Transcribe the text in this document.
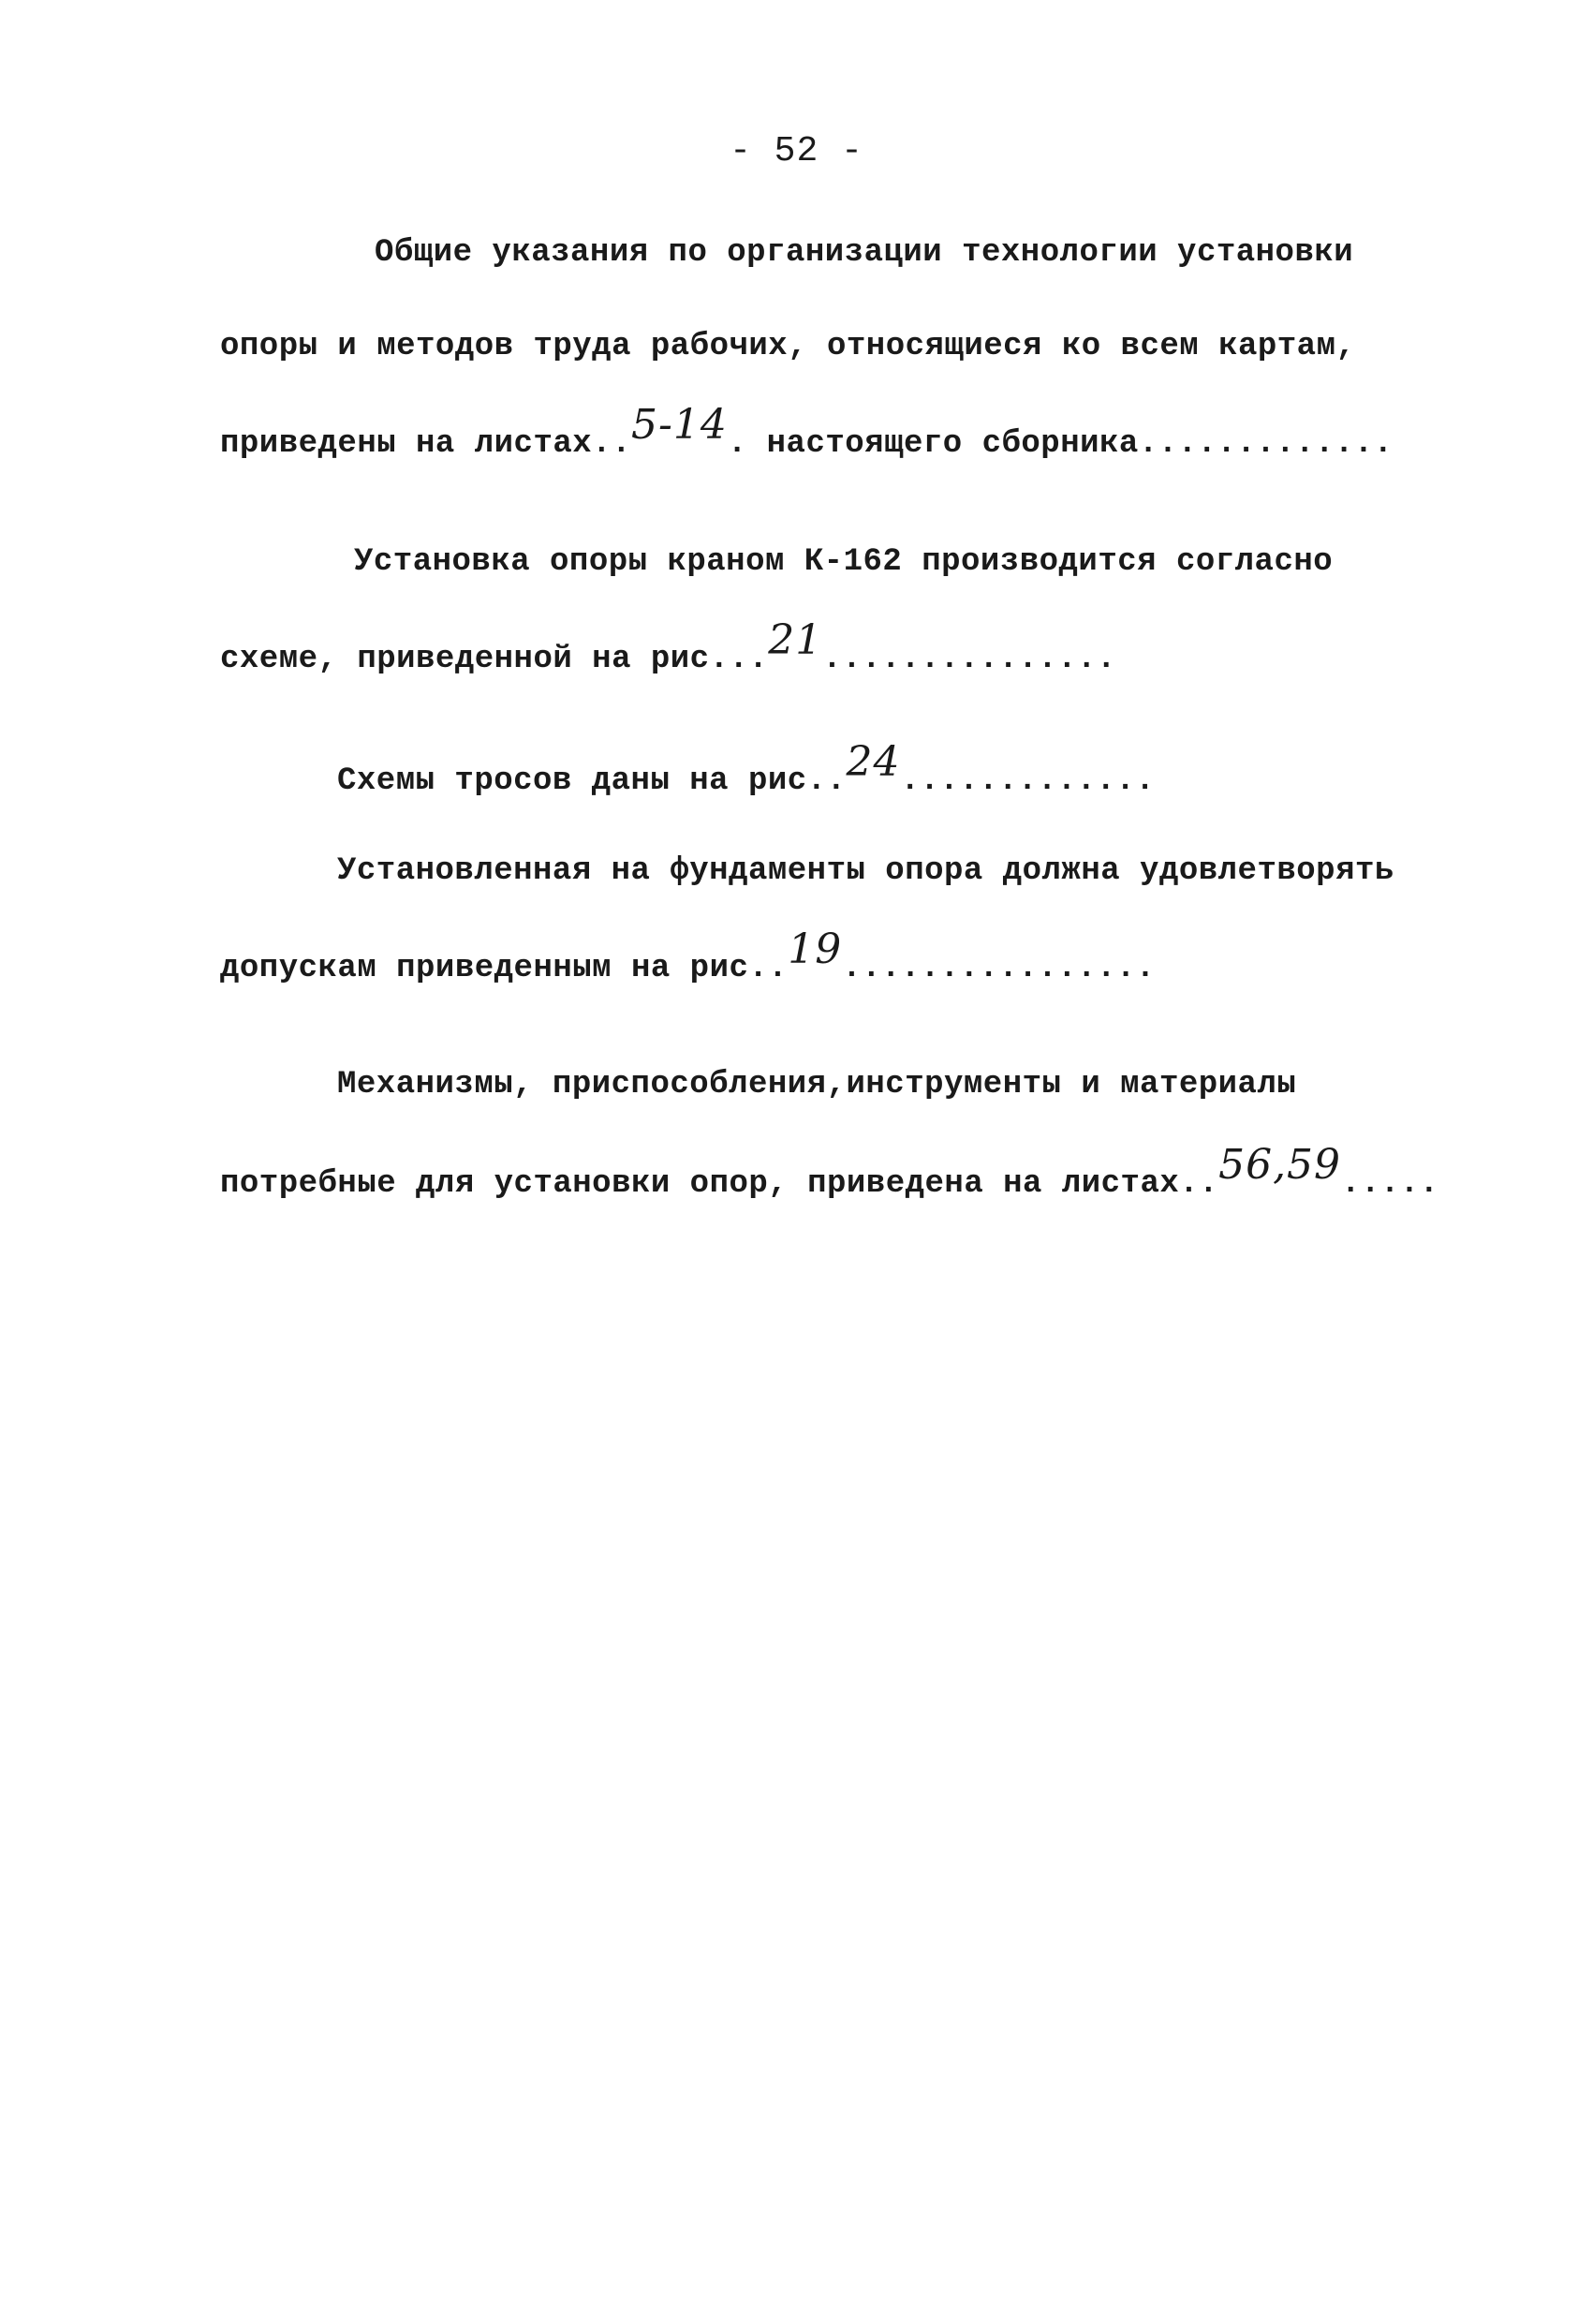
- 52 -
Общие указания по организации технологии установки
опоры и методов труда рабочих, относящиеся ко всем картам,
приведены на листах..5-14. настоящего сборника.............
Установка опоры краном К-162 производится согласно
схеме, приведенной на рис...21...............
Схемы тросов даны на рис..24.............
Установленная на фундаменты опора должна удовлетворять
допускам приведенным на рис..19................
Механизмы, приспособления,инструменты и материалы
потребные для установки опор, приведена на листах..56,59.....
